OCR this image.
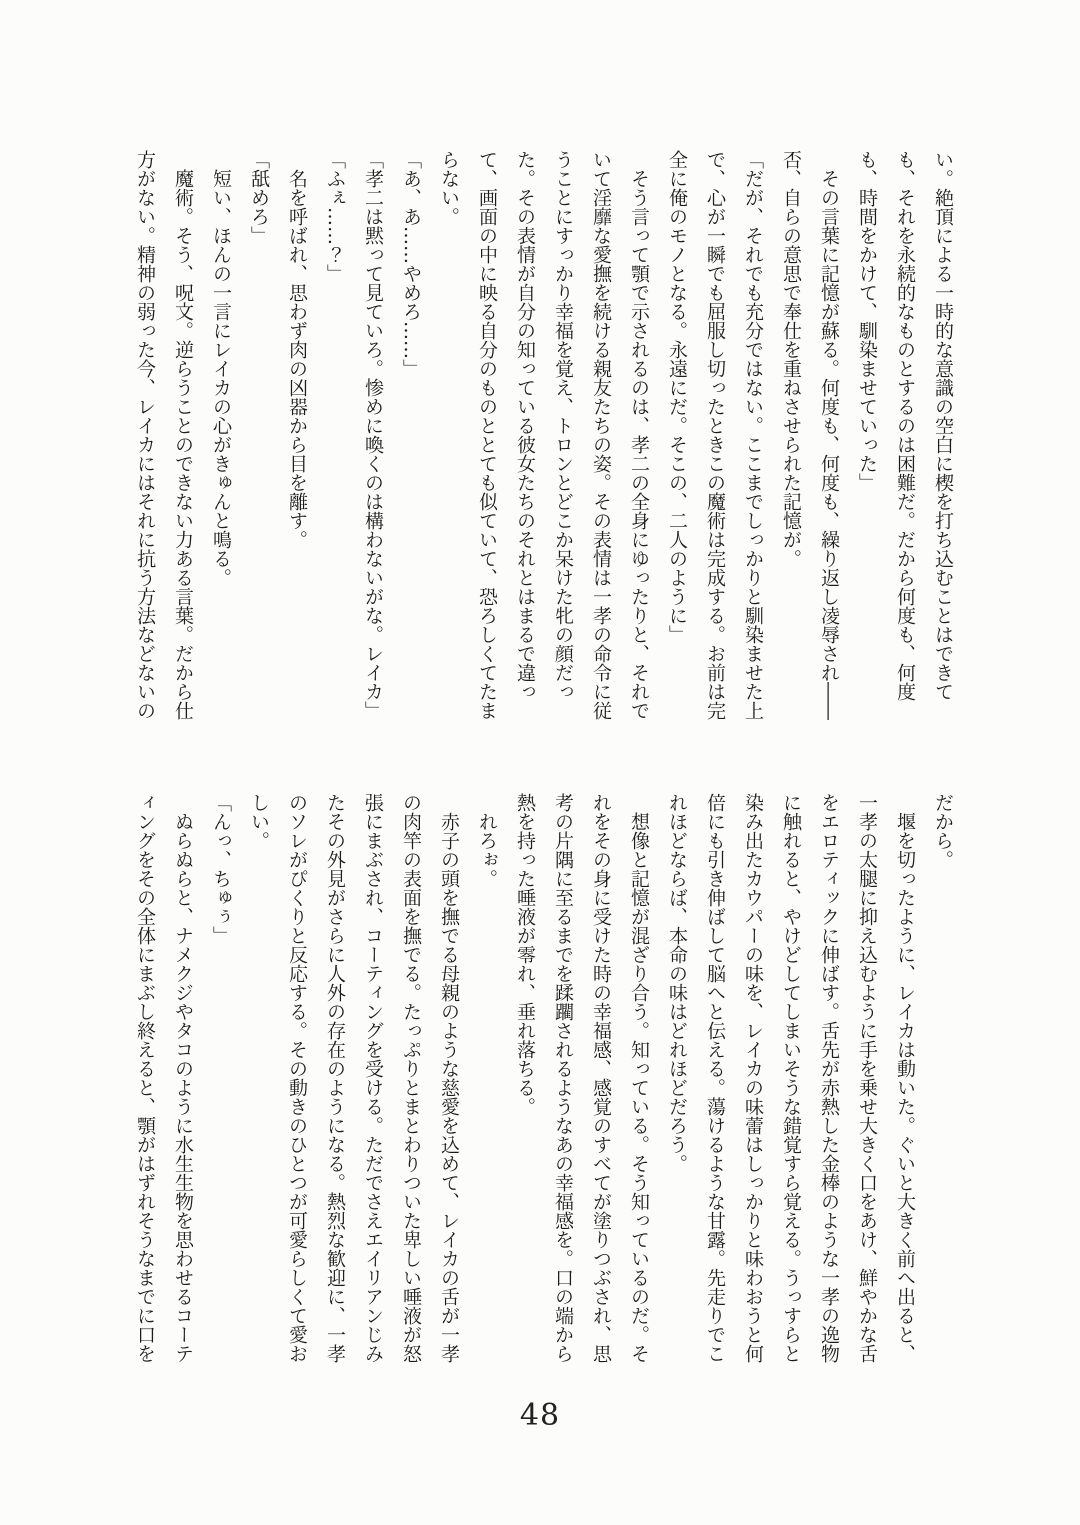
い。絶頂による一時的な意識の空白に楔を打ち込むことはできて

も、それを永続的なものとするのは困難だ。だから何度も、何度

も、時間をかけて、馴染ませていった」

その言葉に記憶が蘇る。何度も、何度も、繰り返し凌辱され――

否、自らの意思で奉仕を重ねさせられた記憶が。

「だが、それでも充分ではない。ここまでしっかりと馴染ませた上

で、心が一瞬でも屈服し切ったときこの魔術は完成する。お前は完

全に俺のモノとなる。永遠にだ。そこの、二人のように」

そう言って顎で示されるのは、孝二の全身にゆったりと、それで

いて淫靡な愛撫を続ける親友たちの姿。その表情は一孝の命令に従

うことにすっかり幸福を覚え、トロンとどこか呆けた牝の顔だっ

た。その表情が自分の知っている彼女たちのそれとはまるで違っ

て、画面の中に映る自分のものととても似ていて、恐ろしくてたま

らない。

「あ、あ……やめろ……」

「孝二は黙って見ていろ。惨めに喚くのは構わないがな。レイカ」

「ふぇ……？」

名を呼ばれ、思わず肉の凶器から目を離す。

「舐めろ」

短い、ほんの一言にレイカの心がきゅんと鳴る。

魔術。そう、呪文。逆らうことのできない力ある言葉。だから仕

方がない。精神の弱った今、レイカにはそれに抗う方法などないの

だから。

堰を切ったように、レイカは動いた。ぐいと大きく前へ出ると、

一孝の太腿に抑え込むように手を乗せ大きく口をあけ、鮮やかな舌

をエロティックに伸ばす。舌先が赤熱した金棒のような一孝の逸物

に触れると、やけどしてしまいそうな錯覚すら覚える。うっすらと

染み出たカウパーの味を、レイカの味蕾はしっかりと味わおうと何

倍にも引き伸ばして脳へと伝える。蕩けるような甘露。先走りでこ

れほどならば、本命の味はどれほどだろう。

想像と記憶が混ざり合う。知っている。そう知っているのだ。そ

れをその身に受けた時の幸福感、感覚のすべてが塗りつぶされ、思

考の片隅に至るまでを蹂躙されるようなあの幸福感を。口の端から

熱を持った唾液が零れ、垂れ落ちる。

れろぉ。

赤子の頭を撫でる母親のような慈愛を込めて、レイカの舌が一孝

の肉竿の表面を撫でる。たっぷりとまとわりついた卑しい唾液が怒

張にまぶされ、コーティングを受ける。ただでさえエイリアンじみ

たその外見がさらに人外の存在のようになる。熱烈な歓迎に、一孝

のソレがぴくりと反応する。その動きのひとつが可愛らしくて愛お

しい。

「んっ、ちゅぅ」

ぬらぬらと、ナメクジやタコのように水生生物を思わせるコーテ

ィングをその全体にまぶし終えると、顎がはずれそうなまでに口を

48
